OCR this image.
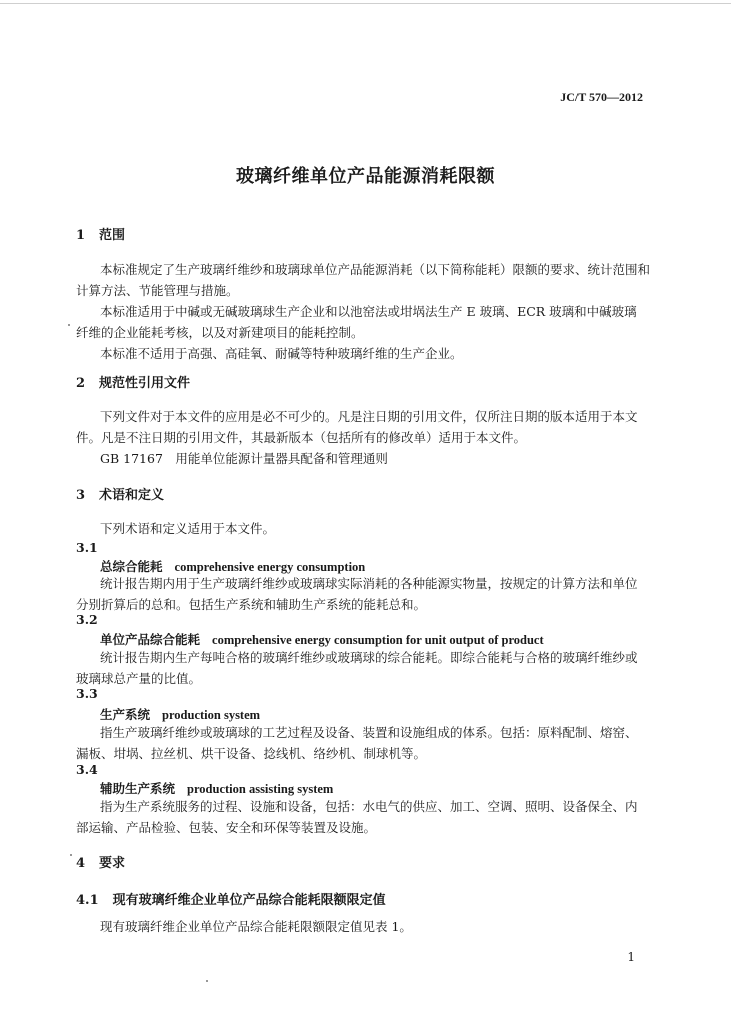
JC/T 570—2012
玻璃纤维单位产品能源消耗限额
1 范围
本标准规定了生产玻璃纤维纱和玻璃球单位产品能源消耗（以下简称能耗）限额的要求、统计范围和
计算方法、节能管理与措施。
本标准适用于中碱或无碱玻璃球生产企业和以池窑法或坩埚法生产 E 玻璃、ECR 玻璃和中碱玻璃
纤维的企业能耗考核，以及对新建项目的能耗控制。
本标准不适用于高强、高硅氧、耐碱等特种玻璃纤维的生产企业。
2 规范性引用文件
下列文件对于本文件的应用是必不可少的。凡是注日期的引用文件，仅所注日期的版本适用于本文
件。凡是不注日期的引用文件，其最新版本（包括所有的修改单）适用于本文件。
GB 17167　用能单位能源计量器具配备和管理通则
3 术语和定义
下列术语和定义适用于本文件。
3.1
总综合能耗 comprehensive energy consumption
统计报告期内用于生产玻璃纤维纱或玻璃球实际消耗的各种能源实物量，按规定的计算方法和单位
分别折算后的总和。包括生产系统和辅助生产系统的能耗总和。
3.2
单位产品综合能耗 comprehensive energy consumption for unit output of product
统计报告期内生产每吨合格的玻璃纤维纱或玻璃球的综合能耗。即综合能耗与合格的玻璃纤维纱或
玻璃球总产量的比值。
3.3
生产系统 production system
指生产玻璃纤维纱或玻璃球的工艺过程及设备、装置和设施组成的体系。包括：原料配制、熔窑、
漏板、坩埚、拉丝机、烘干设备、捻线机、络纱机、制球机等。
3.4
辅助生产系统 production assisting system
指为生产系统服务的过程、设施和设备，包括：水电气的供应、加工、空调、照明、设备保全、内
部运输、产品检验、包装、安全和环保等装置及设施。
4 要求
4.1 现有玻璃纤维企业单位产品综合能耗限额限定值
现有玻璃纤维企业单位产品综合能耗限额限定值见表 1。
1
